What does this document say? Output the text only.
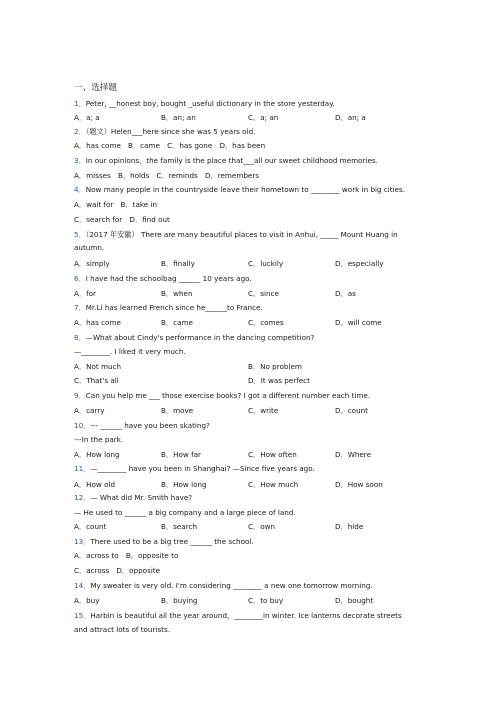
一、选择题
1．Peter, __honest boy, bought _useful dictionary in the store yesterday.
A．a; a	B．an; an	C．a; an	D．an; a
2．（题文）Helen___here since she was 5 years old.
A．has come　B．came　C．has gone　D．has been
3．In our opinions，the family is the place that___all our sweet childhood memories.
A．misses　B．holds　C．reminds　D．remembers
4．Now many people in the countryside leave their hometown to ________ work in big cities.
A．wait for　B．take in
C．search for　D．find out
5．（2017 年安徽） There are many beautiful places to visit in Anhui, _____ Mount Huang in
autumn.
A．simply	B．finally	C．luckily	D．especially
6．I have had the schoolbag ______ 10 years ago.
A．for	B．when	C．since	D．as
7．Mr.Li has learned French since he______to France.
A．has come	B．came	C．comes	D．will come
8．—What about Cindy's performance in the dancing competition?
—________. I liked it very much.
A．Not much	B．No problem
C．That's all	D．It was perfect
9．Can you help me ___ those exercise books? I got a different number each time.
A．carry	B．move	C．write	D．count
10．--- ______ have you been skating?
---In the park.
A．How long	B．How far	C．How often	D．Where
11．—________ have you been in Shanghai? —Since five years ago.
A．How old	B．How long	C．How much	D．How soon
12．— What did Mr. Smith have?
— He used to ______ a big company and a large piece of land.
A．count	B．search	C．own	D．hide
13．There used to be a big tree ______ the school.
A．across to　B．opposite to
C．across　D．opposite
14．My sweater is very old. I'm considering ________ a new one tomorrow morning.
A．buy	B．buying	C．to buy	D．bought
15．Harbin is beautiful all the year around，________in winter. Ice lanterns decorate streets
and attract lots of tourists.
